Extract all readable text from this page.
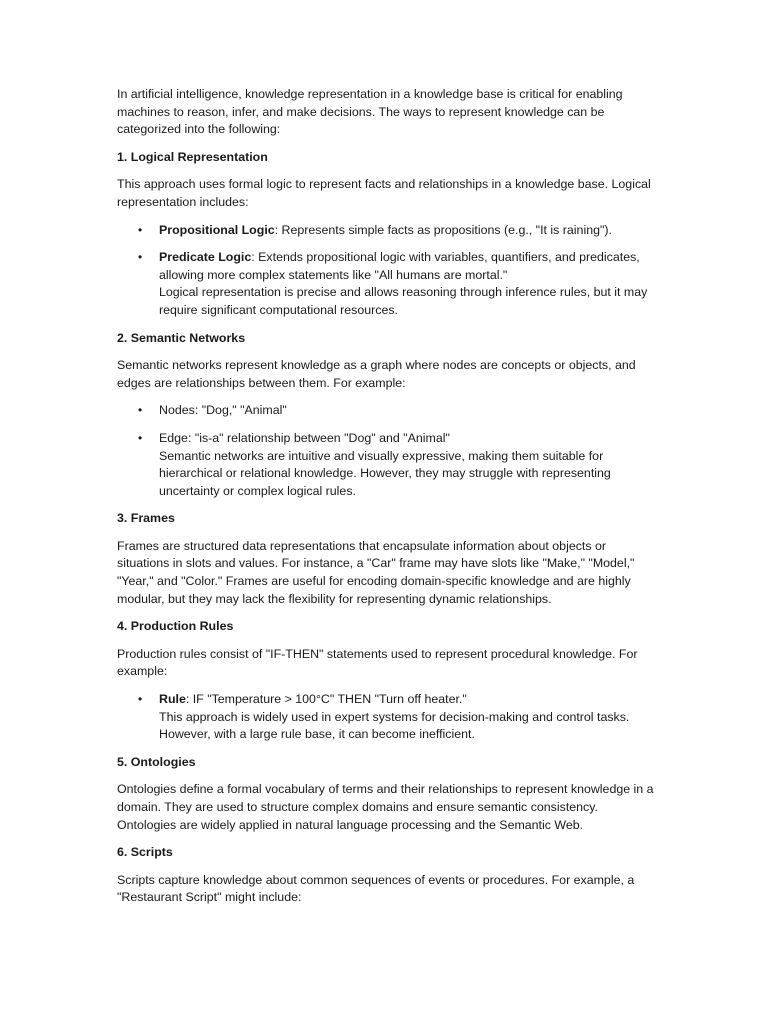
In artificial intelligence, knowledge representation in a knowledge base is critical for enabling machines to reason, infer, and make decisions. The ways to represent knowledge can be categorized into the following:

1. Logical Representation

This approach uses formal logic to represent facts and relationships in a knowledge base. Logical representation includes:

• Propositional Logic: Represents simple facts as propositions (e.g., "It is raining").
• Predicate Logic: Extends propositional logic with variables, quantifiers, and predicates, allowing more complex statements like "All humans are mortal."
Logical representation is precise and allows reasoning through inference rules, but it may require significant computational resources.
2. Semantic Networks

Semantic networks represent knowledge as a graph where nodes are concepts or objects, and edges are relationships between them. For example:

• Nodes: "Dog," "Animal"
• Edge: "is-a" relationship between "Dog" and "Animal"
Semantic networks are intuitive and visually expressive, making them suitable for hierarchical or relational knowledge. However, they may struggle with representing uncertainty or complex logical rules.
3. Frames

Frames are structured data representations that encapsulate information about objects or situations in slots and values. For instance, a "Car" frame may have slots like "Make," "Model," "Year," and "Color." Frames are useful for encoding domain-specific knowledge and are highly modular, but they may lack the flexibility for representing dynamic relationships.

4. Production Rules

Production rules consist of "IF-THEN" statements used to represent procedural knowledge. For example:

• Rule: IF "Temperature > 100°C" THEN "Turn off heater."
This approach is widely used in expert systems for decision-making and control tasks. However, with a large rule base, it can become inefficient.
5. Ontologies

Ontologies define a formal vocabulary of terms and their relationships to represent knowledge in a domain. They are used to structure complex domains and ensure semantic consistency. Ontologies are widely applied in natural language processing and the Semantic Web.

6. Scripts

Scripts capture knowledge about common sequences of events or procedures. For example, a "Restaurant Script" might include:
